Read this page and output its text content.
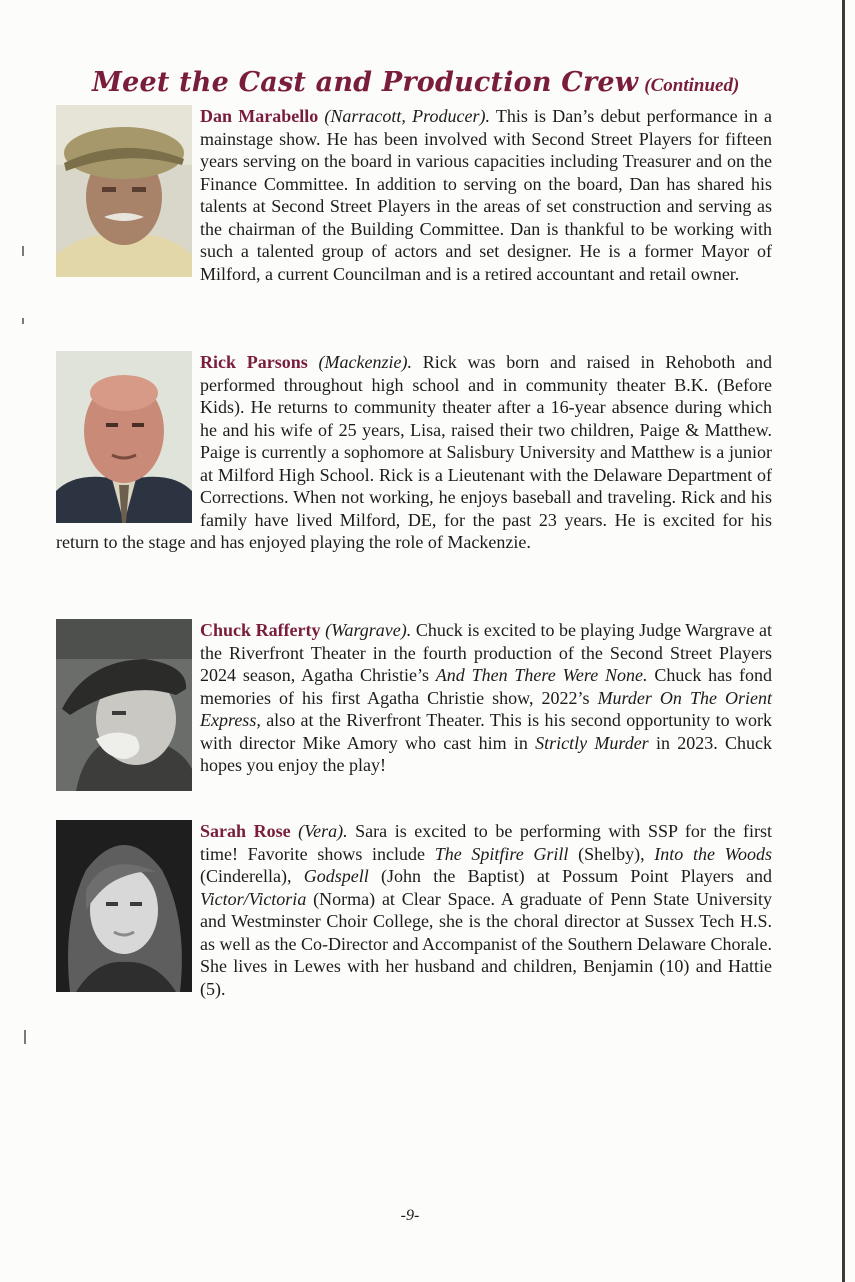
Meet the Cast and Production Crew (Continued)

Dan Marabello (Narracott, Producer). This is Dan’s debut performance in a mainstage show. He has been involved with Second Street Players for fifteen years serving on the board in various capacities including Treasurer and on the Finance Committee. In addition to serving on the board, Dan has shared his talents at Second Street Players in the areas of set construction and serving as the chairman of the Building Committee. Dan is thankful to be working with such a talented group of actors and set designer. He is a former Mayor of Milford, a current Councilman and is a retired accountant and retail owner.

Rick Parsons (Mackenzie). Rick was born and raised in Rehoboth and performed throughout high school and in community theater B.K. (Before Kids). He returns to community theater after a 16-year absence during which he and his wife of 25 years, Lisa, raised their two children, Paige & Matthew. Paige is currently a sophomore at Salisbury University and Matthew is a junior at Milford High School. Rick is a Lieutenant with the Delaware Department of Corrections. When not working, he enjoys baseball and traveling. Rick and his family have lived Milford, DE, for the past 23 years. He is excited for his return to the stage and has enjoyed playing the role of Mackenzie.

Chuck Rafferty (Wargrave). Chuck is excited to be playing Judge Wargrave at the Riverfront Theater in the fourth production of the Second Street Players 2024 season, Agatha Christie’s And Then There Were None. Chuck has fond memories of his first Agatha Christie show, 2022’s Murder On The Orient Express, also at the Riverfront Theater. This is his second opportunity to work with director Mike Amory who cast him in Strictly Murder in 2023. Chuck hopes you enjoy the play!

Sarah Rose (Vera). Sara is excited to be performing with SSP for the first time! Favorite shows include The Spitfire Grill (Shelby), Into the Woods (Cinderella), Godspell (John the Baptist) at Possum Point Players and Victor/Victoria (Norma) at Clear Space. A graduate of Penn State University and Westminster Choir College, she is the choral director at Sussex Tech H.S. as well as the Co-Director and Accompanist of the Southern Delaware Chorale. She lives in Lewes with her husband and children, Benjamin (10) and Hattie (5).

-9-
